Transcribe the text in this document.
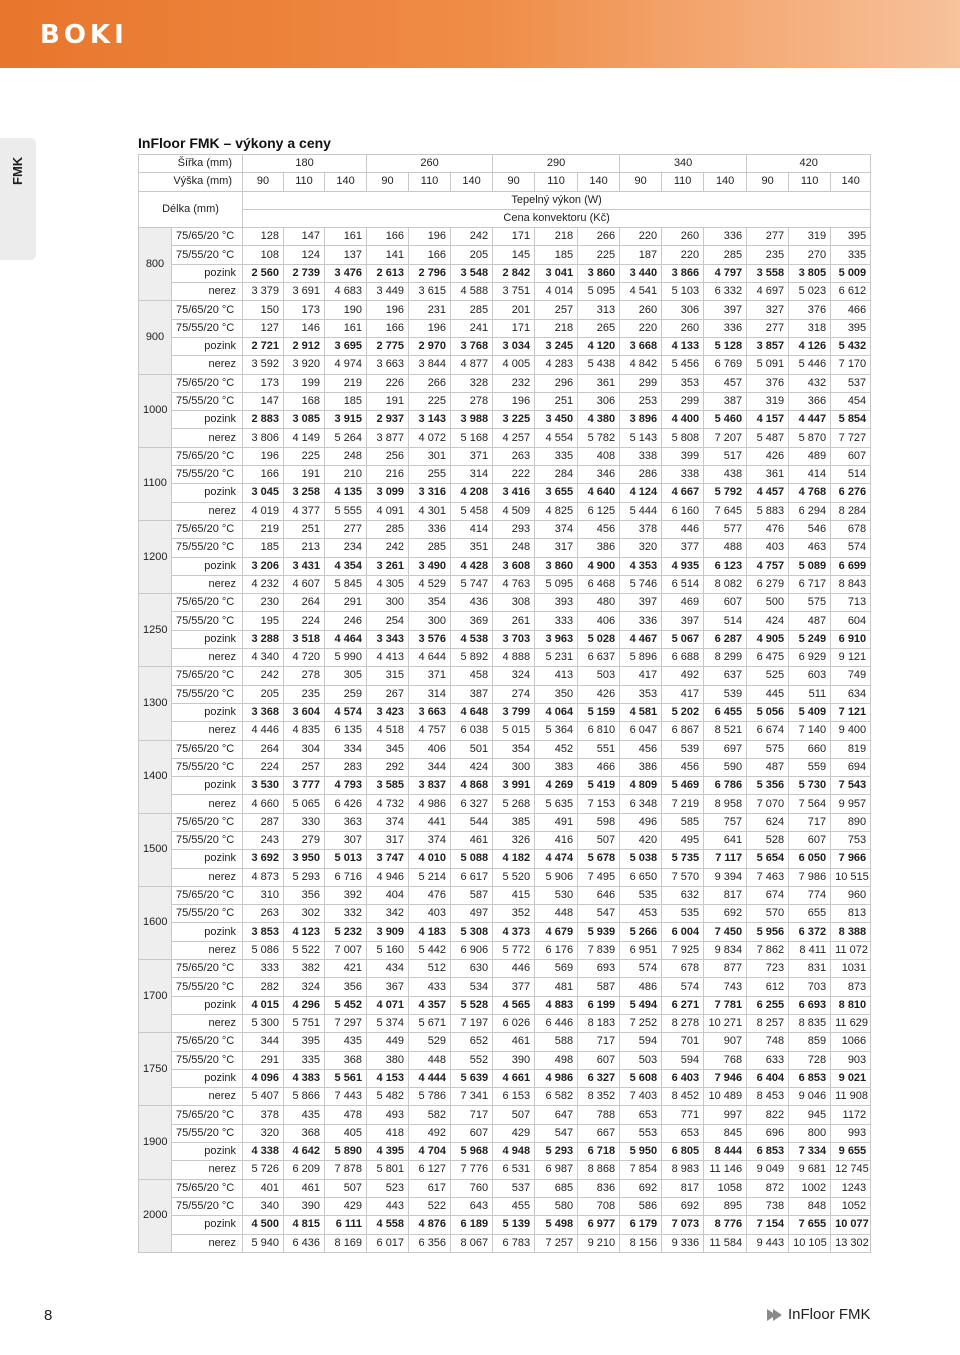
BOKI
FMK
InFloor FMK – výkony a ceny
Šířka (mm)		180			260			290			340			420		
Výška (mm)		90	110	140	90	110	140	90	110	140	90	110	140	90	110	140
Délka (mm)		Tepelný výkon (W)														
		Cena konvektoru (Kč)														
800	75/65/20 °C	128	147	161	166	196	242	171	218	266	220	260	336	277	319	395
	75/55/20 °C	108	124	137	141	166	205	145	185	225	187	220	285	235	270	335
	pozink	2 560	2 739	3 476	2 613	2 796	3 548	2 842	3 041	3 860	3 440	3 866	4 797	3 558	3 805	5 009
	nerez	3 379	3 691	4 683	3 449	3 615	4 588	3 751	4 014	5 095	4 541	5 103	6 332	4 697	5 023	6 612
900	75/65/20 °C	150	173	190	196	231	285	201	257	313	260	306	397	327	376	466
	75/55/20 °C	127	146	161	166	196	241	171	218	265	220	260	336	277	318	395
	pozink	2 721	2 912	3 695	2 775	2 970	3 768	3 034	3 245	4 120	3 668	4 133	5 128	3 857	4 126	5 432
	nerez	3 592	3 920	4 974	3 663	3 844	4 877	4 005	4 283	5 438	4 842	5 456	6 769	5 091	5 446	7 170
1000	75/65/20 °C	173	199	219	226	266	328	232	296	361	299	353	457	376	432	537
	75/55/20 °C	147	168	185	191	225	278	196	251	306	253	299	387	319	366	454
	pozink	2 883	3 085	3 915	2 937	3 143	3 988	3 225	3 450	4 380	3 896	4 400	5 460	4 157	4 447	5 854
	nerez	3 806	4 149	5 264	3 877	4 072	5 168	4 257	4 554	5 782	5 143	5 808	7 207	5 487	5 870	7 727
1100	75/65/20 °C	196	225	248	256	301	371	263	335	408	338	399	517	426	489	607
	75/55/20 °C	166	191	210	216	255	314	222	284	346	286	338	438	361	414	514
	pozink	3 045	3 258	4 135	3 099	3 316	4 208	3 416	3 655	4 640	4 124	4 667	5 792	4 457	4 768	6 276
	nerez	4 019	4 377	5 555	4 091	4 301	5 458	4 509	4 825	6 125	5 444	6 160	7 645	5 883	6 294	8 284
1200	75/65/20 °C	219	251	277	285	336	414	293	374	456	378	446	577	476	546	678
	75/55/20 °C	185	213	234	242	285	351	248	317	386	320	377	488	403	463	574
	pozink	3 206	3 431	4 354	3 261	3 490	4 428	3 608	3 860	4 900	4 353	4 935	6 123	4 757	5 089	6 699
	nerez	4 232	4 607	5 845	4 305	4 529	5 747	4 763	5 095	6 468	5 746	6 514	8 082	6 279	6 717	8 843
1250	75/65/20 °C	230	264	291	300	354	436	308	393	480	397	469	607	500	575	713
	75/55/20 °C	195	224	246	254	300	369	261	333	406	336	397	514	424	487	604
	pozink	3 288	3 518	4 464	3 343	3 576	4 538	3 703	3 963	5 028	4 467	5 067	6 287	4 905	5 249	6 910
	nerez	4 340	4 720	5 990	4 413	4 644	5 892	4 888	5 231	6 637	5 896	6 688	8 299	6 475	6 929	9 121
1300	75/65/20 °C	242	278	305	315	371	458	324	413	503	417	492	637	525	603	749
	75/55/20 °C	205	235	259	267	314	387	274	350	426	353	417	539	445	511	634
	pozink	3 368	3 604	4 574	3 423	3 663	4 648	3 799	4 064	5 159	4 581	5 202	6 455	5 056	5 409	7 121
	nerez	4 446	4 835	6 135	4 518	4 757	6 038	5 015	5 364	6 810	6 047	6 867	8 521	6 674	7 140	9 400
1400	75/65/20 °C	264	304	334	345	406	501	354	452	551	456	539	697	575	660	819
	75/55/20 °C	224	257	283	292	344	424	300	383	466	386	456	590	487	559	694
	pozink	3 530	3 777	4 793	3 585	3 837	4 868	3 991	4 269	5 419	4 809	5 469	6 786	5 356	5 730	7 543
	nerez	4 660	5 065	6 426	4 732	4 986	6 327	5 268	5 635	7 153	6 348	7 219	8 958	7 070	7 564	9 957
1500	75/65/20 °C	287	330	363	374	441	544	385	491	598	496	585	757	624	717	890
	75/55/20 °C	243	279	307	317	374	461	326	416	507	420	495	641	528	607	753
	pozink	3 692	3 950	5 013	3 747	4 010	5 088	4 182	4 474	5 678	5 038	5 735	7 117	5 654	6 050	7 966
	nerez	4 873	5 293	6 716	4 946	5 214	6 617	5 520	5 906	7 495	6 650	7 570	9 394	7 463	7 986	10 515
1600	75/65/20 °C	310	356	392	404	476	587	415	530	646	535	632	817	674	774	960
	75/55/20 °C	263	302	332	342	403	497	352	448	547	453	535	692	570	655	813
	pozink	3 853	4 123	5 232	3 909	4 183	5 308	4 373	4 679	5 939	5 266	6 004	7 450	5 956	6 372	8 388
	nerez	5 086	5 522	7 007	5 160	5 442	6 906	5 772	6 176	7 839	6 951	7 925	9 834	7 862	8 411	11 072
1700	75/65/20 °C	333	382	421	434	512	630	446	569	693	574	678	877	723	831	1031
	75/55/20 °C	282	324	356	367	433	534	377	481	587	486	574	743	612	703	873
	pozink	4 015	4 296	5 452	4 071	4 357	5 528	4 565	4 883	6 199	5 494	6 271	7 781	6 255	6 693	8 810
	nerez	5 300	5 751	7 297	5 374	5 671	7 197	6 026	6 446	8 183	7 252	8 278	10 271	8 257	8 835	11 629
1750	75/65/20 °C	344	395	435	449	529	652	461	588	717	594	701	907	748	859	1066
	75/55/20 °C	291	335	368	380	448	552	390	498	607	503	594	768	633	728	903
	pozink	4 096	4 383	5 561	4 153	4 444	5 639	4 661	4 986	6 327	5 608	6 403	7 946	6 404	6 853	9 021
	nerez	5 407	5 866	7 443	5 482	5 786	7 341	6 153	6 582	8 352	7 403	8 452	10 489	8 453	9 046	11 908
1900	75/65/20 °C	378	435	478	493	582	717	507	647	788	653	771	997	822	945	1172
	75/55/20 °C	320	368	405	418	492	607	429	547	667	553	653	845	696	800	993
	pozink	4 338	4 642	5 890	4 395	4 704	5 968	4 948	5 293	6 718	5 950	6 805	8 444	6 853	7 334	9 655
	nerez	5 726	6 209	7 878	5 801	6 127	7 776	6 531	6 987	8 868	7 854	8 983	11 146	9 049	9 681	12 745
2000	75/65/20 °C	401	461	507	523	617	760	537	685	836	692	817	1058	872	1002	1243
	75/55/20 °C	340	390	429	443	522	643	455	580	708	586	692	895	738	848	1052
	pozink	4 500	4 815	6 111	4 558	4 876	6 189	5 139	5 498	6 977	6 179	7 073	8 776	7 154	7 655	10 077
	nerez	5 940	6 436	8 169	6 017	6 356	8 067	6 783	7 257	9 210	8 156	9 336	11 584	9 443	10 105	13 302
8	InFloor FMK
